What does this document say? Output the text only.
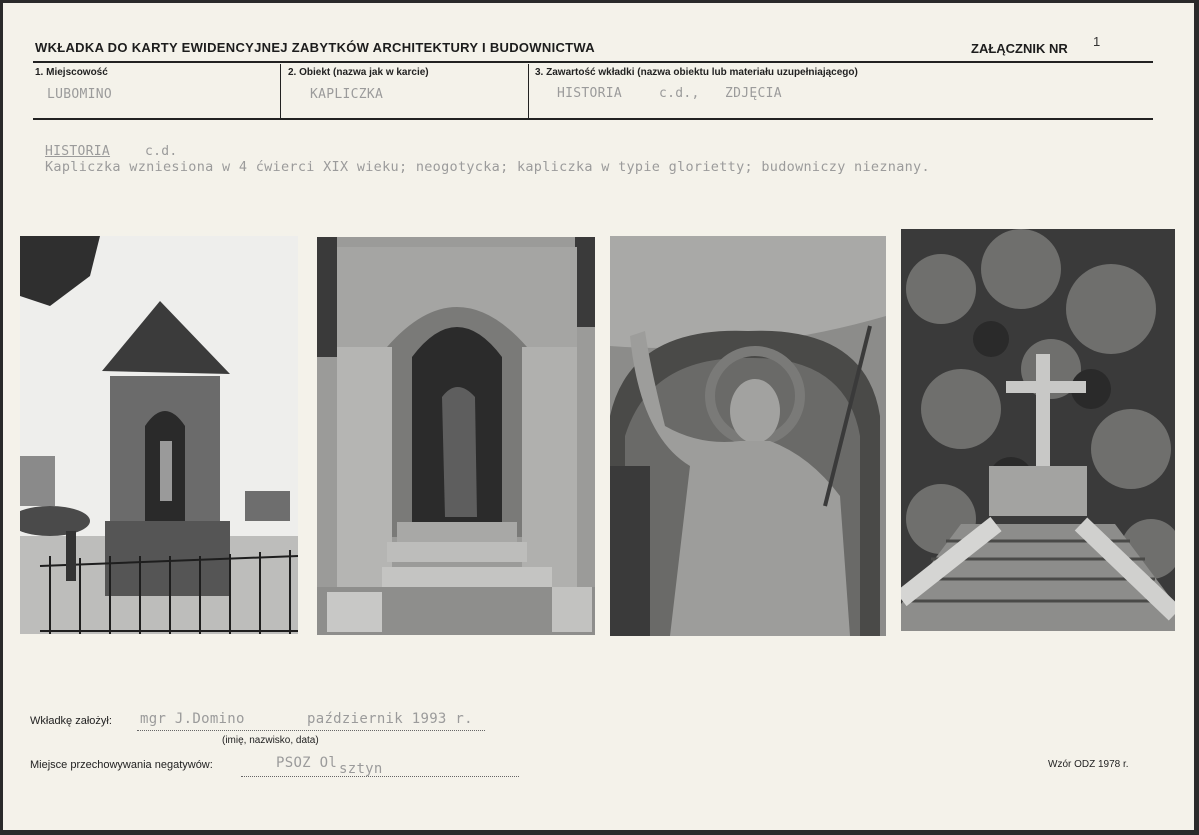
WKŁADKA DO KARTY EWIDENCYJNEJ ZABYTKÓW ARCHITEKTURY I BUDOWNICTWA	ZAŁĄCZNIK NR 1
1. Miejscowość
LUBOMINO
2. Obiekt (nazwa jak w karcie)
KAPLICZKA
3. Zawartość wkładki (nazwa obiektu lub materiału uzupełniającego)
HISTORIA	c.d., ZDJĘCIA
HISTORIA	c.d.
Kapliczka wzniesiona w 4 ćwierci XIX wieku; neogotycka; kapliczka w typie glorietty; budowniczy nieznany.
Wkładkę założył: mgr J.Domino	październik 1993 r.
(imię, nazwisko, data)
Miejsce przechowywania negatywów:	PSOZ Ol sztyn	Wzór ODZ 1978 r.
